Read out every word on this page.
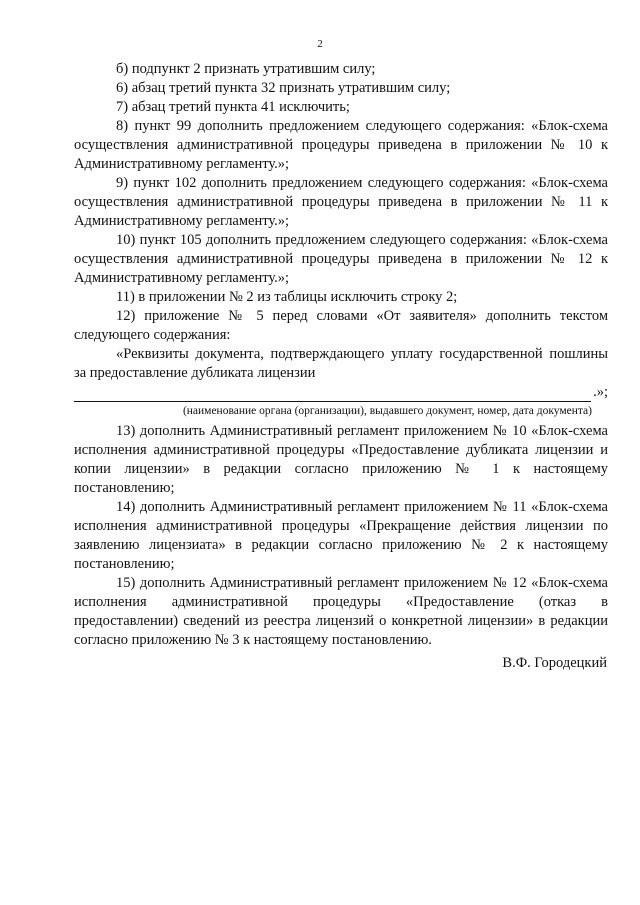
2

б) подпункт 2 признать утратившим силу;

6) абзац третий пункта 32 признать утратившим силу;

7) абзац третий пункта 41 исключить;

8) пункт 99 дополнить предложением следующего содержания: «Блок-схема осуществления административной процедуры приведена в приложении № 10 к Административному регламенту.»;

9) пункт 102 дополнить предложением следующего содержания: «Блок-схема осуществления административной процедуры приведена в приложении № 11 к Административному регламенту.»;

10) пункт 105 дополнить предложением следующего содержания: «Блок-схема осуществления административной процедуры приведена в приложении № 12 к Административному регламенту.»;

11) в приложении № 2 из таблицы исключить строку 2;

12) приложение № 5 перед словами «От заявителя» дополнить текстом следующего содержания:

«Реквизиты документа, подтверждающего уплату государственной пошлины за предоставление дубликата лицензии

.»;
(наименование органа (организации), выдавшего документ, номер, дата документа)

13) дополнить Административный регламент приложением № 10 «Блок-схема исполнения административной процедуры «Предоставление дубликата лицензии и копии лицензии» в редакции согласно приложению № 1 к настоящему постановлению;

14) дополнить Административный регламент приложением № 11 «Блок-схема исполнения административной процедуры «Прекращение действия лицензии по заявлению лицензиата» в редакции согласно приложению № 2 к настоящему постановлению;

15) дополнить Административный регламент приложением № 12 «Блок-схема исполнения административной процедуры «Предоставление (отказ в предоставлении) сведений из реестра лицензий о конкретной лицензии» в редакции согласно приложению № 3 к настоящему постановлению.

В.Ф. Городецкий
